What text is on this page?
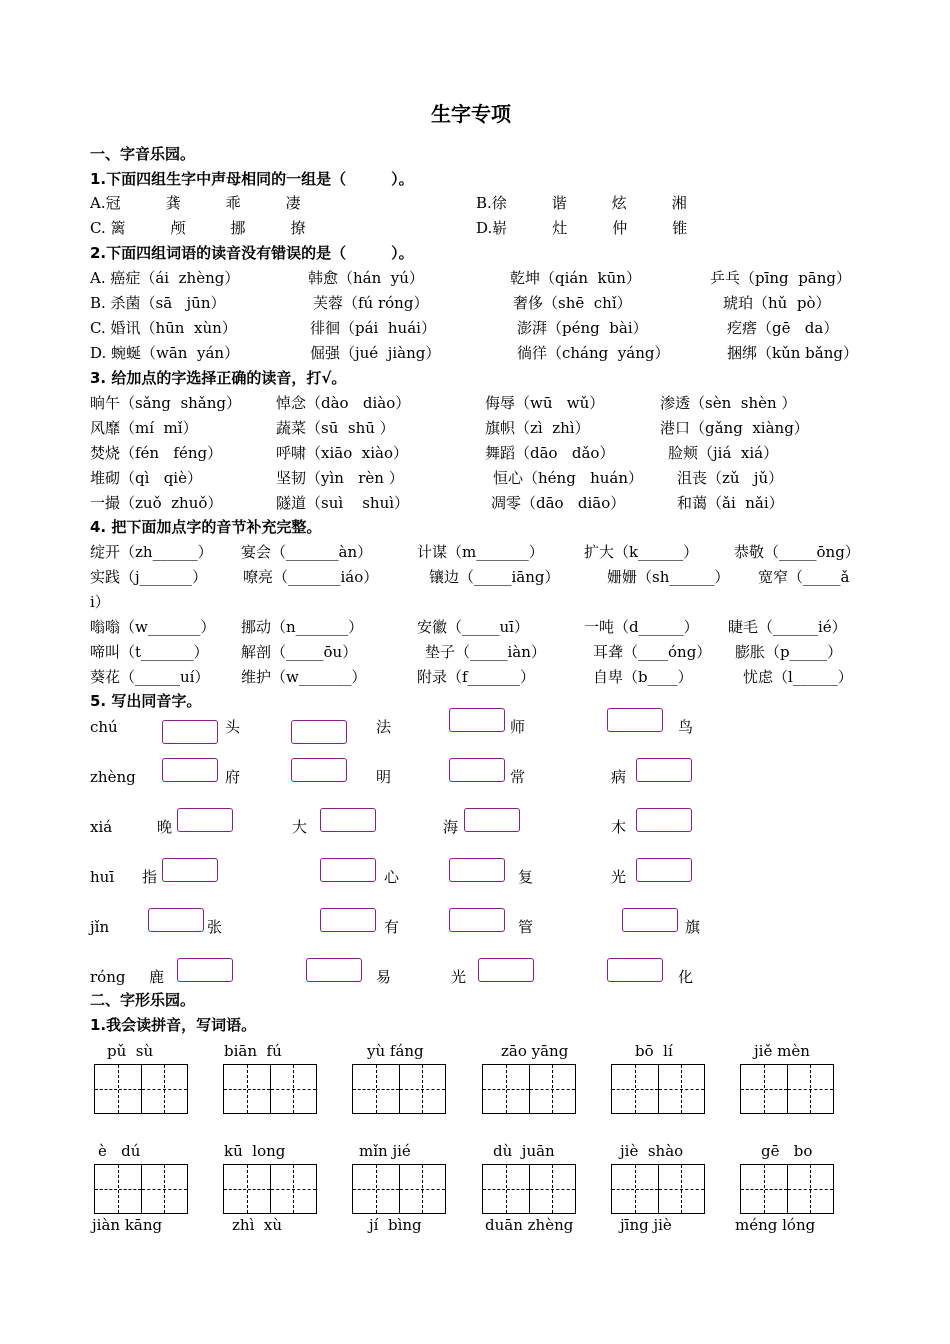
生字专项
一、字音乐园。
1.下面四组生字中声母相同的一组是（　　　）。
A.冠　　　龚　　　乖　　　凄	B.徐　　　谐　　　炫　　　湘
C. 篱　　　颅　　　挪　　　撩	D.崭　　　灶　　　仲　　　锥
2.下面四组词语的读音没有错误的是（　　　）。
A. 癌症（ái  zhèng）	韩愈（hán  yú）	乾坤（qián  kūn）	乒乓（pīng  pāng）
B. 杀菌（sā   jūn）	芙蓉（fú róng）	奢侈（shē  chǐ）	琥珀（hǔ  pò）
C. 婚讯（hūn  xùn）	徘徊（pái  huái）	澎湃（péng  bài）	疙瘩（gē   da）
D. 蜿蜒（wān  yán）	倔强（jué  jiàng）	徜徉（cháng  yáng）	捆绑（kǔn bǎng）
3. 给加点的字选择正确的读音，打√。
晌午（sǎng  shǎng） 悼念（dào   diào）	侮辱（wū   wǔ）	渗透（sèn  shèn ）
风靡（mí  mǐ）	蔬菜（sū  shū ）	旗帜（zì  zhì）	港口（gǎng  xiàng）
焚烧（fén   féng）	呼啸（xiāo  xiào）	舞蹈（dāo   dǎo）	脸颊（jiá  xiá）
堆砌（qì   qiè）	坚韧（yìn   rèn ）	恒心（héng   huán） 沮丧（zǔ   jǔ）
一撮（zuǒ  zhuǒ）	隧道（suì    shuì）	凋零（dāo   diāo）	和蔼（ǎi  nǎi）
4. 把下面加点字的音节补充完整。
绽开（zh______） 宴会（_______àn）	计谋（m_______）	扩大（k______） 恭敬（_____ōng）
实践（j_______） 嘹亮（_______iáo）	镶边（_____iāng）	姗姗（sh______） 宽窄（_____ǎ
i）
嗡嗡（w_______） 挪动（n_______）	安徽（_____uī）	一吨（d______） 睫毛（______ié）
啼叫（t_______） 解剖（_____ōu）	垫子（_____iàn）	耳聋（____óng） 膨胀（p_____）
葵花（______uí） 维护（w_______）	附录（f_______）	自卑（b____）	忧虑（l______）
5. 写出同音字。
chú	头	法	师	鸟
zhèng	府	明	常	病
xiá	晚	大	海	木
huī 指	心	复	光
jǐn	张	有	管	旗
róng 鹿	易	光	化
二、字形乐园。
1.我会读拼音，写词语。
pǔ  sù	biān  fú	yù fáng	zāo yāng	bō  lí	jiě mèn
è   dú	kū  long	mǐn jié	dù  juān	jiè  shào	gē   bo
jiàn kāng	zhì  xù	jí  bìng	duān zhèng	jīng jiè	méng lóng
